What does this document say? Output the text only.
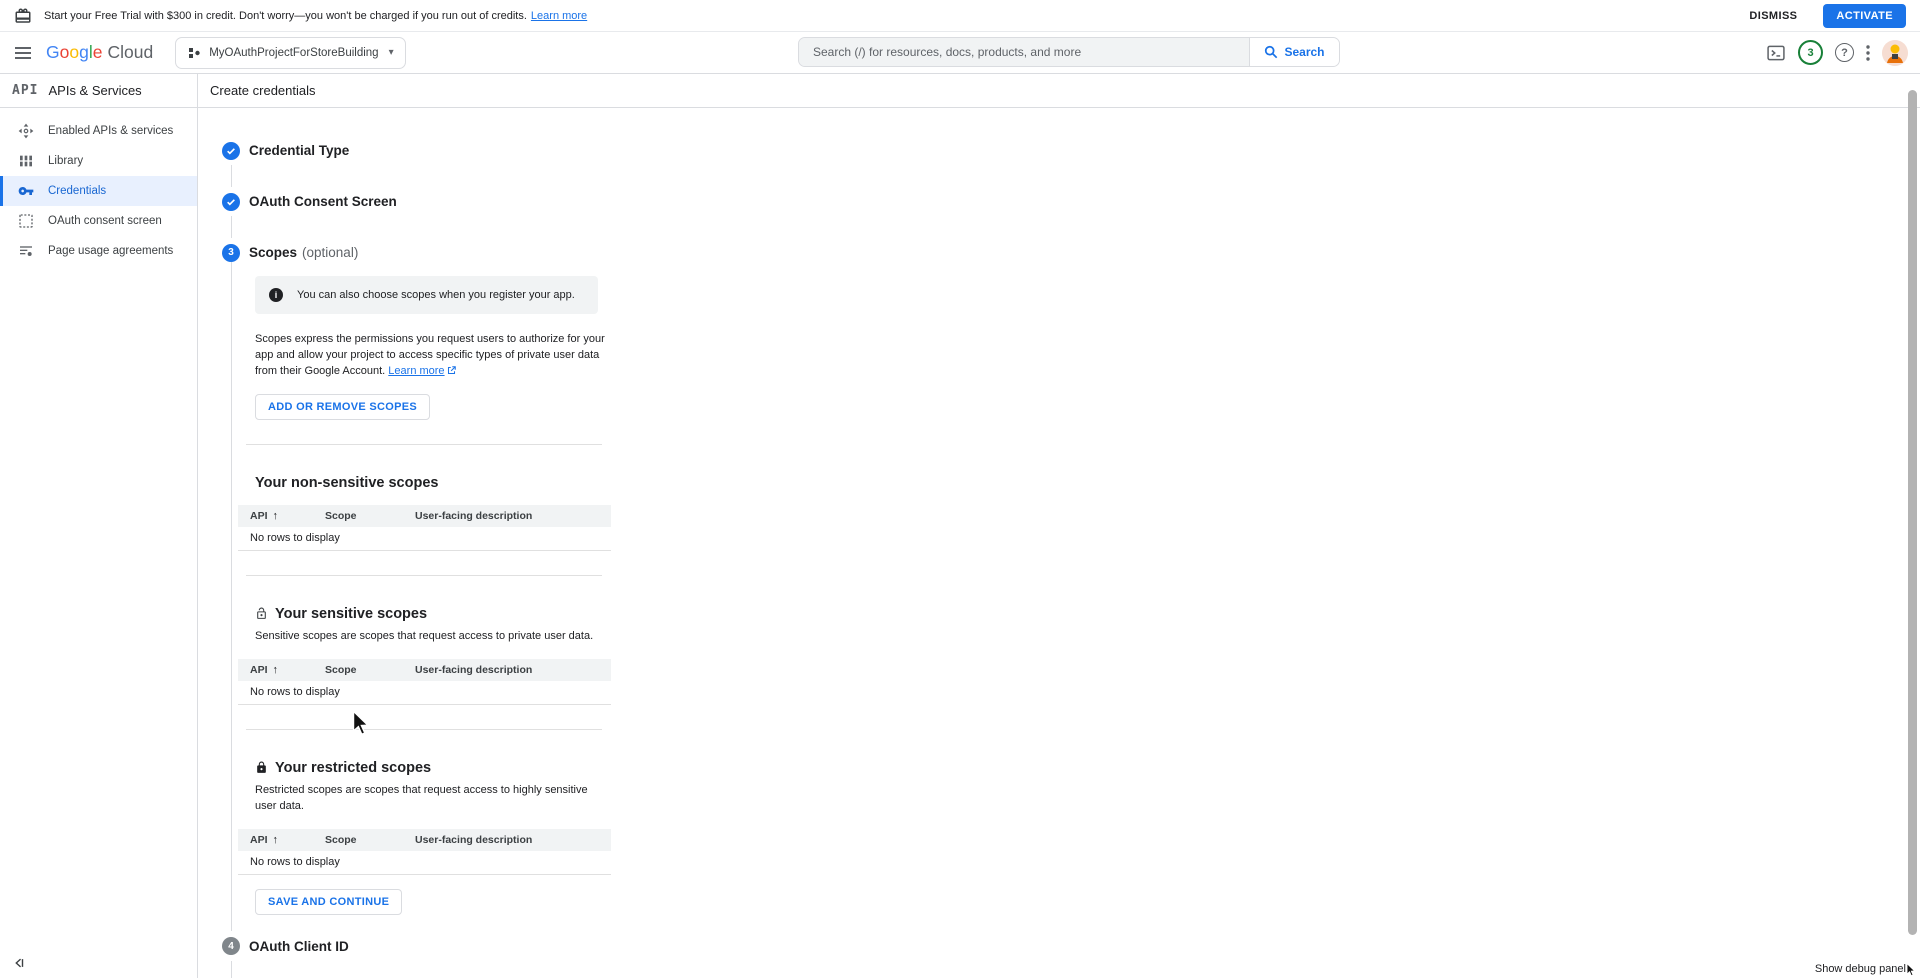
Start your Free Trial with $300 in credit. Don't worry—you won't be charged if you run out of credits. Learn more	DISMISS	ACTIVATE
Google Cloud	MyOAuthProjectForStoreBuilding ▾
Search (/) for resources, docs, products, and more	Search	3	?
API APIs & Services
Enabled APIs & services
Library
Credentials
OAuth consent screen
Page usage agreements
Create credentials
Credential Type
OAuth Consent Screen
3	Scopes (optional)
i	You can also choose scopes when you register your app.
Scopes express the permissions you request users to authorize for your app and allow your project to access specific types of private user data from their Google Account. Learn more
ADD OR REMOVE SCOPES
Your non-sensitive scopes
API ↑	Scope	User-facing description
No rows to display
Your sensitive scopes
Sensitive scopes are scopes that request access to private user data.
API ↑	Scope	User-facing description
No rows to display
Your restricted scopes
Restricted scopes are scopes that request access to highly sensitive user data.
API ↑	Scope	User-facing description
No rows to display
SAVE AND CONTINUE
4	OAuth Client ID
Show debug panel
